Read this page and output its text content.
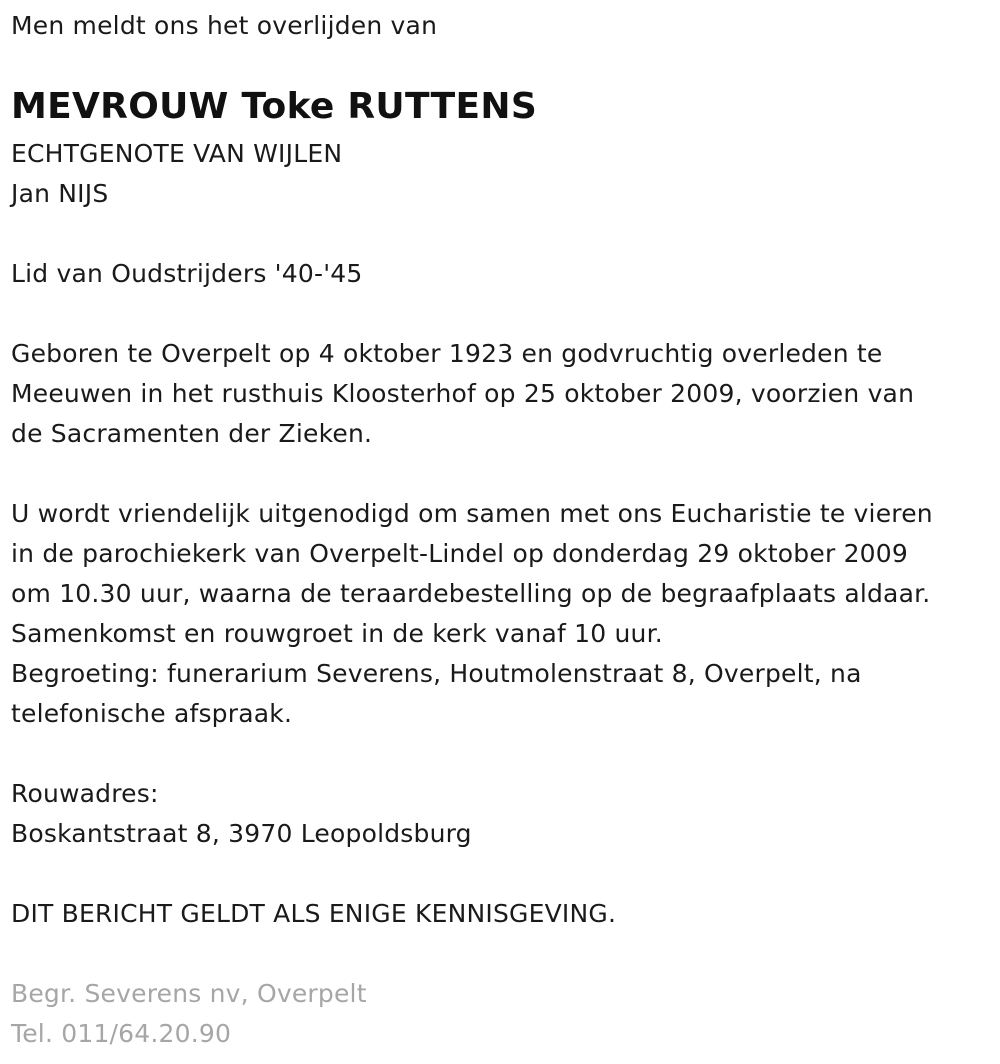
Men meldt ons het overlijden van
MEVROUW Toke RUTTENS
ECHTGENOTE VAN WIJLEN
Jan NIJS
Lid van Oudstrijders '40-'45
Geboren te Overpelt op 4 oktober 1923 en godvruchtig overleden te
Meeuwen in het rusthuis Kloosterhof op 25 oktober 2009, voorzien van
de Sacramenten der Zieken.
U wordt vriendelijk uitgenodigd om samen met ons Eucharistie te vieren
in de parochiekerk van Overpelt-Lindel op donderdag 29 oktober 2009
om 10.30 uur, waarna de teraardebestelling op de begraafplaats aldaar.
Samenkomst en rouwgroet in de kerk vanaf 10 uur.
Begroeting: funerarium Severens, Houtmolenstraat 8, Overpelt, na
telefonische afspraak.
Rouwadres:
Boskantstraat 8, 3970 Leopoldsburg
DIT BERICHT GELDT ALS ENIGE KENNISGEVING.
Begr. Severens nv, Overpelt
Tel. 011/64.20.90
